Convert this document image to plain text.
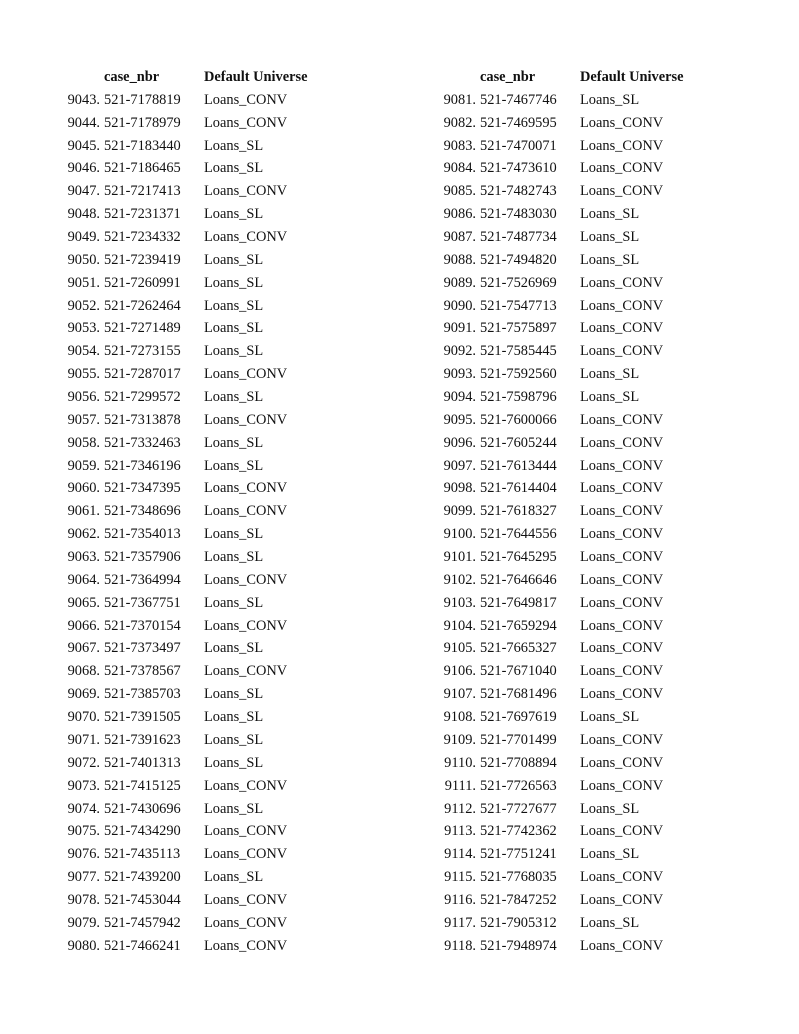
	case_nbr	Default Universe
9043.	521-7178819	Loans_CONV
9044.	521-7178979	Loans_CONV
9045.	521-7183440	Loans_SL
9046.	521-7186465	Loans_SL
9047.	521-7217413	Loans_CONV
9048.	521-7231371	Loans_SL
9049.	521-7234332	Loans_CONV
9050.	521-7239419	Loans_SL
9051.	521-7260991	Loans_SL
9052.	521-7262464	Loans_SL
9053.	521-7271489	Loans_SL
9054.	521-7273155	Loans_SL
9055.	521-7287017	Loans_CONV
9056.	521-7299572	Loans_SL
9057.	521-7313878	Loans_CONV
9058.	521-7332463	Loans_SL
9059.	521-7346196	Loans_SL
9060.	521-7347395	Loans_CONV
9061.	521-7348696	Loans_CONV
9062.	521-7354013	Loans_SL
9063.	521-7357906	Loans_SL
9064.	521-7364994	Loans_CONV
9065.	521-7367751	Loans_SL
9066.	521-7370154	Loans_CONV
9067.	521-7373497	Loans_SL
9068.	521-7378567	Loans_CONV
9069.	521-7385703	Loans_SL
9070.	521-7391505	Loans_SL
9071.	521-7391623	Loans_SL
9072.	521-7401313	Loans_SL
9073.	521-7415125	Loans_CONV
9074.	521-7430696	Loans_SL
9075.	521-7434290	Loans_CONV
9076.	521-7435113	Loans_CONV
9077.	521-7439200	Loans_SL
9078.	521-7453044	Loans_CONV
9079.	521-7457942	Loans_CONV
9080.	521-7466241	Loans_CONV
	case_nbr	Default Universe
9081.	521-7467746	Loans_SL
9082.	521-7469595	Loans_CONV
9083.	521-7470071	Loans_CONV
9084.	521-7473610	Loans_CONV
9085.	521-7482743	Loans_CONV
9086.	521-7483030	Loans_SL
9087.	521-7487734	Loans_SL
9088.	521-7494820	Loans_SL
9089.	521-7526969	Loans_CONV
9090.	521-7547713	Loans_CONV
9091.	521-7575897	Loans_CONV
9092.	521-7585445	Loans_CONV
9093.	521-7592560	Loans_SL
9094.	521-7598796	Loans_SL
9095.	521-7600066	Loans_CONV
9096.	521-7605244	Loans_CONV
9097.	521-7613444	Loans_CONV
9098.	521-7614404	Loans_CONV
9099.	521-7618327	Loans_CONV
9100.	521-7644556	Loans_CONV
9101.	521-7645295	Loans_CONV
9102.	521-7646646	Loans_CONV
9103.	521-7649817	Loans_CONV
9104.	521-7659294	Loans_CONV
9105.	521-7665327	Loans_CONV
9106.	521-7671040	Loans_CONV
9107.	521-7681496	Loans_CONV
9108.	521-7697619	Loans_SL
9109.	521-7701499	Loans_CONV
9110.	521-7708894	Loans_CONV
9111.	521-7726563	Loans_CONV
9112.	521-7727677	Loans_SL
9113.	521-7742362	Loans_CONV
9114.	521-7751241	Loans_SL
9115.	521-7768035	Loans_CONV
9116.	521-7847252	Loans_CONV
9117.	521-7905312	Loans_SL
9118.	521-7948974	Loans_CONV
